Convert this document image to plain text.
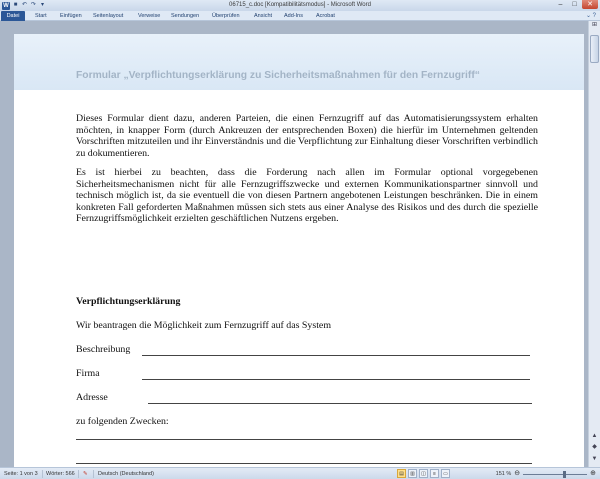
W ■ ↶ ↷ ▾	06715_c.doc [Kompatibilitätsmodus] - Microsoft Word	–	□	✕
Datei	Start Einfügen Seitenlayout	Verweise Sendungen Überprüfen	Ansicht Add-Ins Acrobat	⌄ ?
Formular „Verpflichtungserklärung zu Sicherheitsmaßnahmen für den Fernzugriff“

Dieses Formular dient dazu, anderen Parteien, die einen Fernzugriff auf das Automatisierungssystem erhalten möchten, in knapper Form (durch Ankreuzen der entsprechenden Boxen) die hierfür im Unternehmen geltenden Vorschriften mitzuteilen und ihr Einverständnis und die Verpflichtung zur Einhaltung dieser Vorschriften verbindlich zu dokumentieren.

Es ist hierbei zu beachten, dass die Forderung nach allen im Formular optional vorgegebenen Sicherheitsmechanismen nicht für alle Fernzugriffszwecke und externen Kommunikationspartner sinnvoll und technisch möglich ist, da sie eventuell die von diesen Partnern angebotenen Leistungen beschränken. Die in einem konkreten Fall geforderten Maßnahmen müssen sich stets aus einer Analyse des Risikos und des durch die spezielle Fernzugriffsmöglichkeit erzielten geschäftlichen Nutzens ergeben.

Verpflichtungserklärung
Wir beantragen die Möglichkeit zum Fernzugriff auf das System
Beschreibung
Firma
Adresse
zu folgenden Zwecken:
⊞
▲
◆
▼
Seite: 1 von 3 Wörter: 566 ✎ Deutsch (Deutschland)	▤	▥	◫	≡	▭	151 % ⊖	⊕
